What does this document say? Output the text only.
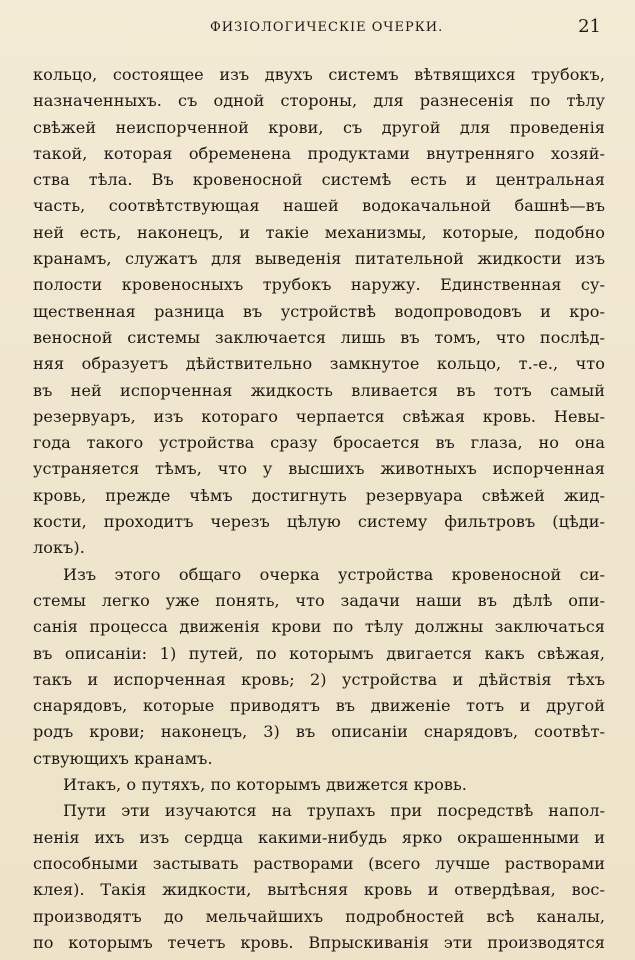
ФИЗІОЛОГИЧЕСКІЕ ОЧЕРКИ.	21
кольцо, состоящее изъ двухъ системъ вѣтвящихся трубокъ,
назначенныхъ. съ одной стороны, для разнесенія по тѣлу
свѣжей неиспорченной крови, съ другой для проведенія
такой, которая обременена продуктами внутренняго хозяй-
ства тѣла. Въ кровеносной системѣ есть и центральная
часть, соотвѣтствующая нашей водокачальной башнѣ—въ
ней есть, наконецъ, и такіе механизмы, которые, подобно
кранамъ, служатъ для выведенія питательной жидкости изъ
полости кровеносныхъ трубокъ наружу. Единственная су-
щественная разница въ устройствѣ водопроводовъ и кро-
веносной системы заключается лишь въ томъ, что послѣд-
няя образуетъ дѣйствительно замкнутое кольцо, т.-е., что
въ ней испорченная жидкость вливается въ тотъ самый
резервуаръ, изъ котораго черпается свѣжая кровь. Невы-
года такого устройства сразу бросается въ глаза, но она
устраняется тѣмъ, что у высшихъ животныхъ испорченная
кровь, прежде чѣмъ достигнуть резервуара свѣжей жид-
кости, проходитъ черезъ цѣлую систему фильтровъ (цѣди-
локъ).
Изъ этого общаго очерка устройства кровеносной си-
стемы легко уже понять, что задачи наши въ дѣлѣ опи-
санія процесса движенія крови по тѣлу должны заключаться
въ описаніи: 1) путей, по которымъ двигается какъ свѣжая,
такъ и испорченная кровь; 2) устройства и дѣйствія тѣхъ
снарядовъ, которые приводятъ въ движеніе тотъ и другой
родъ крови; наконецъ, 3) въ описаніи снарядовъ, соотвѣт-
ствующихъ кранамъ.
Итакъ, о путяхъ, по которымъ движется кровь.
Пути эти изучаются на трупахъ при посредствѣ напол-
ненія ихъ изъ сердца какими-нибудь ярко окрашенными и
способными застывать растворами (всего лучше растворами
клея). Такія жидкости, вытѣсняя кровь и отвердѣвая, вос-
производятъ до мельчайшихъ подробностей всѣ каналы,
по которымъ течетъ кровь. Впрыскиванія эти производятся
